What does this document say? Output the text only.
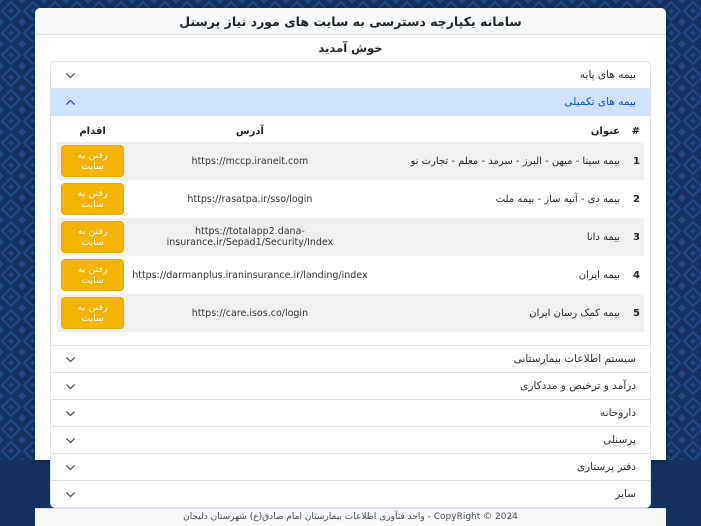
سامانه یکپارچه دسترسی به سایت های مورد نیاز پرسنل
خوش آمدید
بیمه های پایه
بیمه های تکمیلی
#	عنوان	آدرس	اقدام
1	بیمه سینا - میهن - البرز - سرمد - معلم - تجارت نو	https://mccp.iraneit.com	رفتن به سایت
2	بیمه دی - آتیه ساز - بیمه ملت	https://rasatpa.ir/sso/login	رفتن به سایت
3	بیمه دانا	https://totalapp2.dana-insurance.ir/Sepad1/Security/Index	رفتن به سایت
4	بیمه ایران	https://darmanplus.iraninsurance.ir/landing/index	رفتن به سایت
5	بیمه کمک رسان ایران	https://care.isos.co/login	رفتن به سایت
سیستم اطلاعات بیمارستانی
درآمد و ترخیص و مددکاری
داروخانه
پرسنلی
دفتر پرستاری
سایر
CopyRight © 2024 - واحد فنآوری اطلاعات بیمارستان امام صادق(ع) شهرستان دلیجان
